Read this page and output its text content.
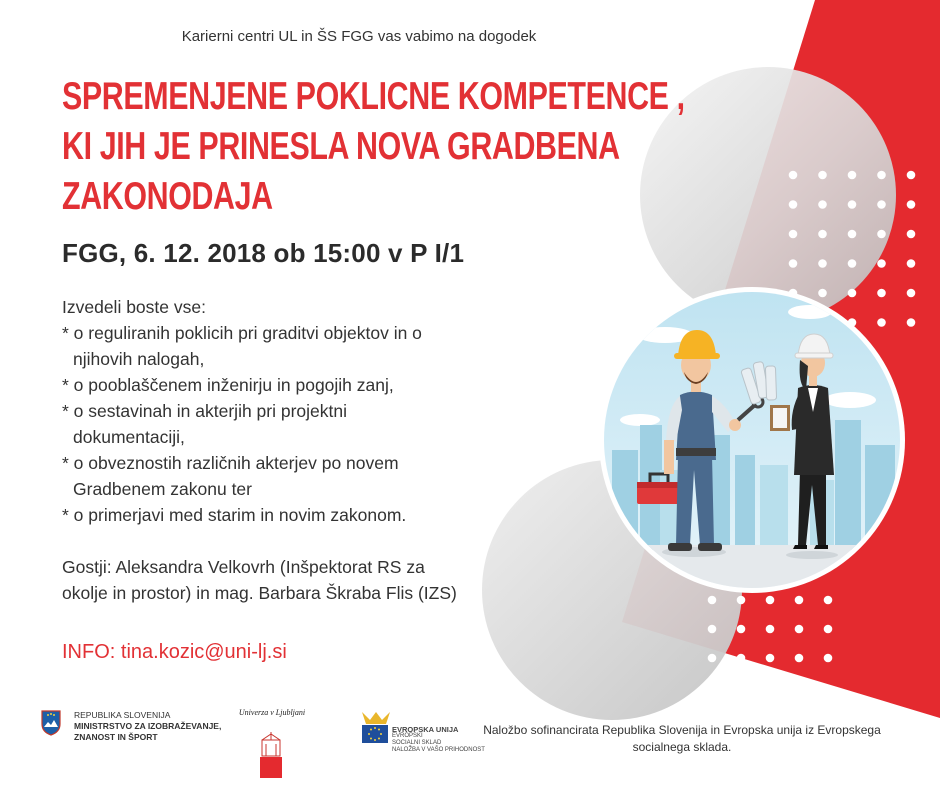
Karierni centri UL in ŠS FGG vas vabimo na dogodek
SPREMENJENE POKLICNE KOMPETENCE ,
KI JIH JE PRINESLA NOVA GRADBENA
ZAKONODAJA
FGG, 6. 12. 2018 ob 15:00 v P I/1
Izvedeli boste vse:
* o reguliranih poklicih pri graditvi objektov in o
njihovih nalogah,
* o pooblaščenem inženirju in pogojih zanj,
* o sestavinah in akterjih pri projektni
dokumentaciji,
* o obveznostih različnih akterjev po novem
Gradbenem zakonu ter
* o primerjavi med starim in novim zakonom.
Gostji: Aleksandra Velkovrh (Inšpektorat RS za
okolje in prostor) in mag. Barbara Škraba Flis (IZS)
INFO: tina.kozic@uni-lj.si
REPUBLIKA SLOVENIJA
MINISTRSTVO ZA IZOBRAŽEVANJE,
ZNANOST IN ŠPORT
Univerza v Ljubljani
EVROPSKA UNIJA
EVROPSKI
SOCIALNI SKLAD
NALOŽBA V VAŠO PRIHODNOST
Naložbo sofinancirata Republika Slovenija in Evropska unija iz Evropskega socialnega sklada.
